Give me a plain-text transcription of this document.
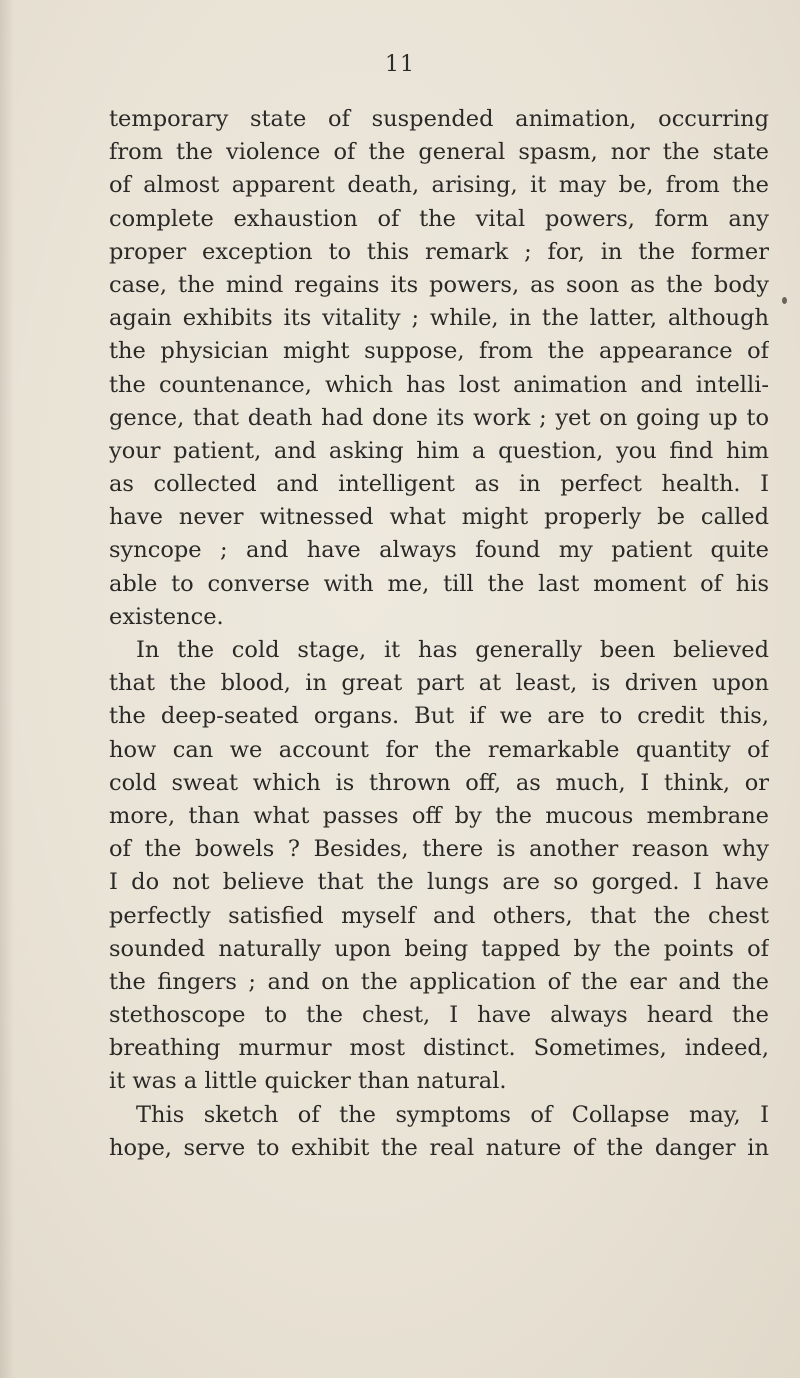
11
temporary state of suspended animation, occurring
from the violence of the general spasm, nor the state
of almost apparent death, arising, it may be, from the
complete exhaustion of the vital powers, form any
proper exception to this remark ; for, in the former
case, the mind regains its powers, as soon as the body
again exhibits its vitality ; while, in the latter, although
the physician might suppose, from the appearance of
the countenance, which has lost animation and intelli-
gence, that death had done its work ; yet on going up to
your patient, and asking him a question, you find him
as collected and intelligent as in perfect health. I
have never witnessed what might properly be called
syncope ; and have always found my patient quite
able to converse with me, till the last moment of his
existence.
In the cold stage, it has generally been believed
that the blood, in great part at least, is driven upon
the deep-seated organs. But if we are to credit this,
how can we account for the remarkable quantity of
cold sweat which is thrown off, as much, I think, or
more, than what passes off by the mucous membrane
of the bowels ? Besides, there is another reason why
I do not believe that the lungs are so gorged. I have
perfectly satisfied myself and others, that the chest
sounded naturally upon being tapped by the points of
the fingers ; and on the application of the ear and the
stethoscope to the chest, I have always heard the
breathing murmur most distinct. Sometimes, indeed,
it was a little quicker than natural.
This sketch of the symptoms of Collapse may, I
hope, serve to exhibit the real nature of the danger in
